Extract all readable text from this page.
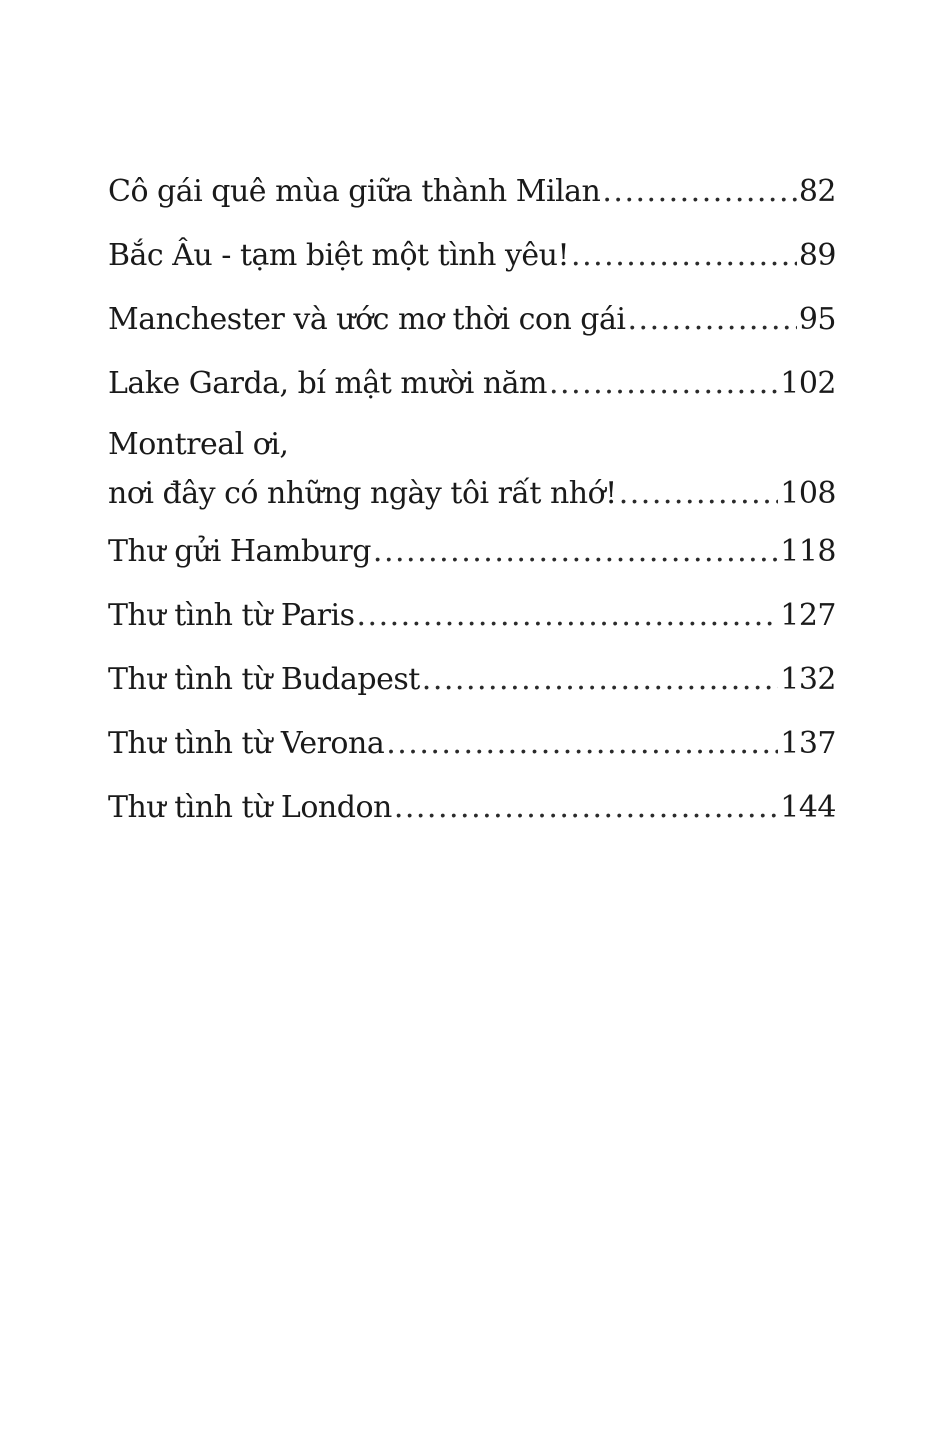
Cô gái quê mùa giữa thành Milan .....	82
Bắc Âu - tạm biệt một tình yêu! .....	89
Manchester và ước mơ thời con gái .....	95
Lake Garda, bí mật mười năm .....	102
Montreal ơi,
nơi đây có những ngày tôi rất nhớ! .....	108
Thư gửi Hamburg .....	118
Thư tình từ Paris .....	127
Thư tình từ Budapest .....	132
Thư tình từ Verona .....	137
Thư tình từ London .....	144
